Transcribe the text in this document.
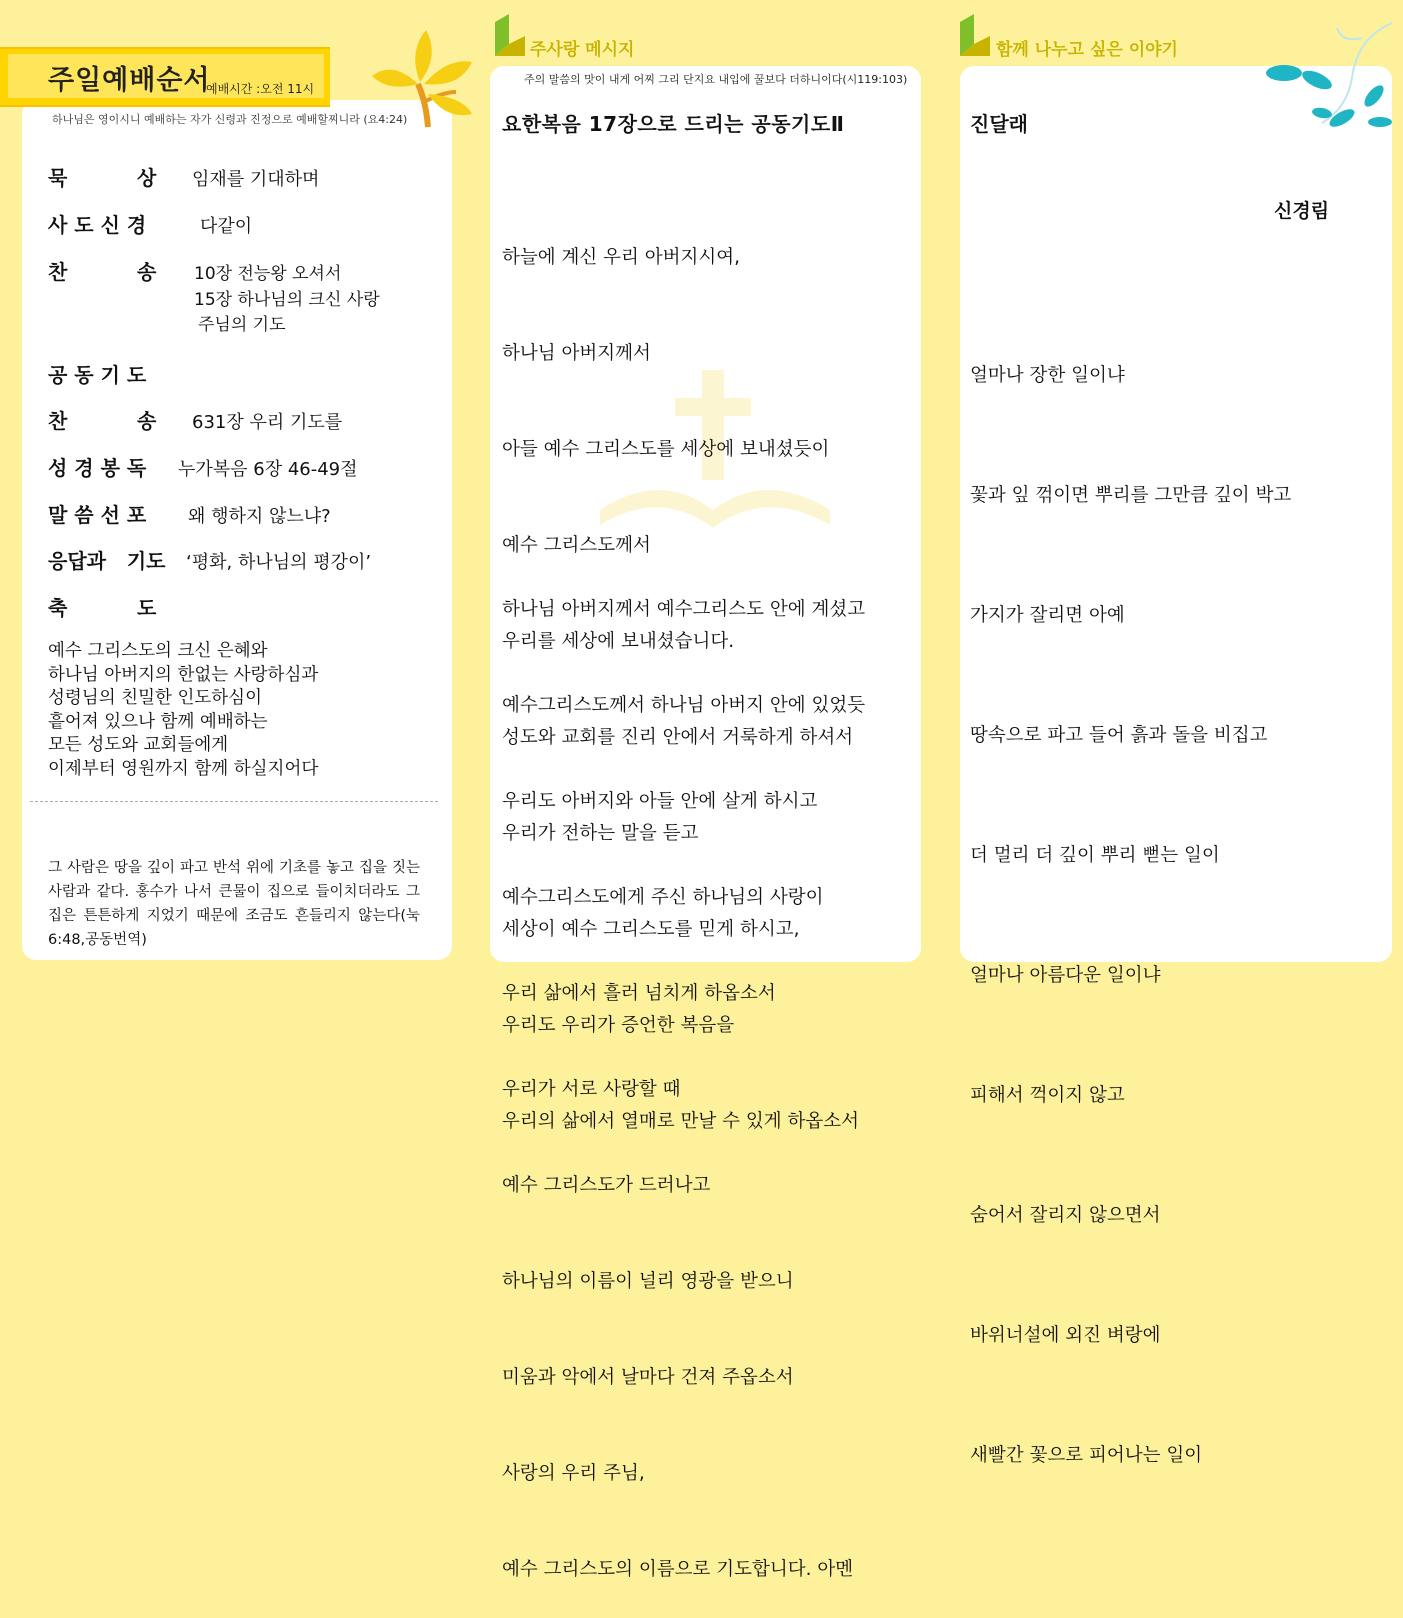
주일예배순서
예배시간 :오전 11시
하나님은 영이시니 예배하는 자가 신령과 진정으로 예배할찌니라 (요4:24)
주사랑 메시지
주의 말씀의 맛이 내게 어찌 그리 단지요 내입에 꿀보다 더하니이다(시119:103)
함께 나누고 싶은 이야기
묵          상 임재를 기대하며
사 도 신 경	다같이
찬          송 10장 전능왕 오셔서
15장 하나님의 크신 사랑
주님의 기도
공 동 기 도
찬          송 631장 우리 기도를
성 경 봉 독 누가복음 6장 46-49절
말 씀 선 포 왜 행하지 않느냐?
응답과   기도 ‘평화, 하나님의 평강이’
축          도
예수 그리스도의 크신 은혜와
하나님 아버지의 한없는 사랑하심과
성령님의 친밀한 인도하심이
흩어져 있으나 함께 예배하는
모든 성도와 교회들에게
이제부터 영원까지 함께 하실지어다
그 사람은 땅을 깊이 파고 반석 위에 기초를 놓고 집을 짓는 사람과 같다. 홍수가 나서 큰물이 집으로 들이치더라도 그 집은 튼튼하게 지었기 때문에 조금도 흔들리지 않는다(눅6:48,공동번역)
요한복음 17장으로 드리는 공동기도Ⅱ

하늘에 계신 우리 아버지시여,

하나님 아버지께서

아들 예수 그리스도를 세상에 보내셨듯이

예수 그리스도께서

우리를 세상에 보내셨습니다.

성도와 교회를 진리 안에서 거룩하게 하셔서

우리가 전하는 말을 듣고

세상이 예수 그리스도를 믿게 하시고,

우리도 우리가 증언한 복음을

우리의 삶에서 열매로 만날 수 있게 하옵소서

하나님 아버지께서 예수그리스도 안에 계셨고

예수그리스도께서 하나님 아버지 안에 있었듯

우리도 아버지와 아들 안에 살게 하시고

예수그리스도에게 주신 하나님의 사랑이

우리 삶에서 흘러 넘치게 하옵소서

우리가 서로 사랑할 때

예수 그리스도가 드러나고

하나님의 이름이 널리 영광을 받으니

미움과 악에서 날마다 건져 주옵소서

사랑의 우리 주님,

예수 그리스도의 이름으로 기도합니다. 아멘

진달래
신경림

얼마나 장한 일이냐

꽃과 잎 꺾이면 뿌리를 그만큼 깊이 박고

가지가 잘리면 아예

땅속으로 파고 들어 흙과 돌을 비집고

더 멀리 더 깊이 뿌리 뻗는 일이

얼마나 아름다운 일이냐

피해서 꺽이지 않고

숨어서 잘리지 않으면서

바위너설에 외진 벼랑에

새빨간 꽃으로 피어나는 일이
